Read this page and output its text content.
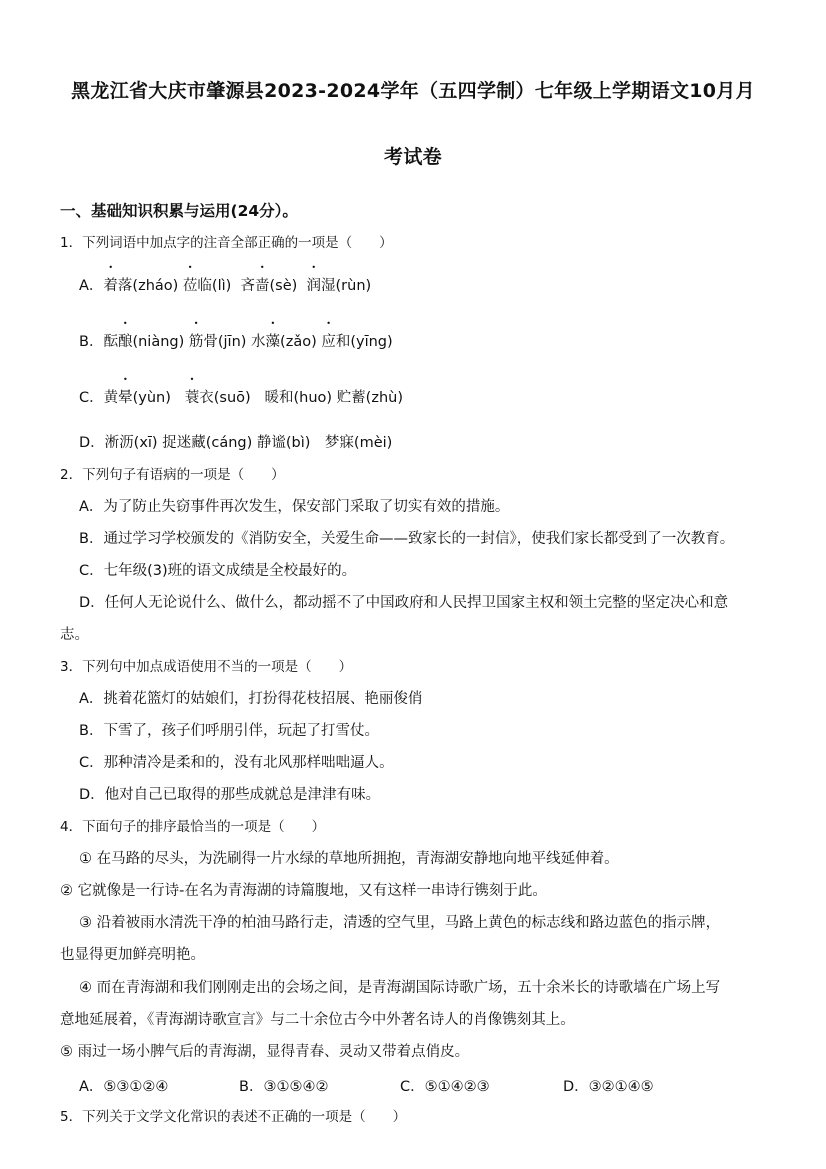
黑龙江省大庆市肇源县2023-2024学年（五四学制）七年级上学期语文10月月
考试卷
一、基础知识积累与运用(24分）。
1．下列词语中加点字的注音全部正确的一项是（　　）
A．着落(zháo) 莅临(lì) 吝啬(sè) 润湿(rùn)
B．酝酿(niàng) 筋骨(jīn) 水藻(zǎo) 应和(yīng)
C．黄晕(yùn) 蓑衣(suō) 暖和(huo) 贮蓄(zhù)
D．淅沥(xī) 捉迷藏(cáng) 静谧(bì)　梦寐(mèi)
2．下列句子有语病的一项是（　　）
A．为了防止失窃事件再次发生，保安部门采取了切实有效的措施。
B．通过学习学校颁发的《消防安全，关爱生命——致家长的一封信》，使我们家长都受到了一次教育。
C．七年级(3)班的语文成绩是全校最好的。
D．任何人无论说什么、做什么，都动摇不了中国政府和人民捍卫国家主权和领土完整的坚定决心和意
志。
3．下列句中加点成语使用不当的一项是（　　）
A．挑着花篮灯的姑娘们，打扮得花枝招展、艳丽俊俏
B．下雪了，孩子们呼朋引伴，玩起了打雪仗。
C．那种清冷是柔和的，没有北风那样咄咄逼人。
D．他对自己已取得的那些成就总是津津有味。
4．下面句子的排序最恰当的一项是（　　）
① 在马路的尽头，为洗刷得一片水绿的草地所拥抱，青海湖安静地向地平线延伸着。
② 它就像是一行诗-在名为青海湖的诗篇腹地，又有这样一串诗行镌刻于此。
③ 沿着被雨水清洗干净的柏油马路行走，清透的空气里，马路上黄色的标志线和路边蓝色的指示牌，
也显得更加鲜亮明艳。
④ 而在青海湖和我们刚刚走出的会场之间，是青海湖国际诗歌广场，五十余米长的诗歌墙在广场上写
意地延展着，《青海湖诗歌宣言》与二十余位古今中外著名诗人的肖像镌刻其上。
⑤ 雨过一场小脾气后的青海湖，显得青春、灵动又带着点俏皮。
A．⑤③①②④	B．③①⑤④②	C．⑤①④②③	D．③②①④⑤
5．下列关于文学文化常识的表述不正确的一项是（　　）
